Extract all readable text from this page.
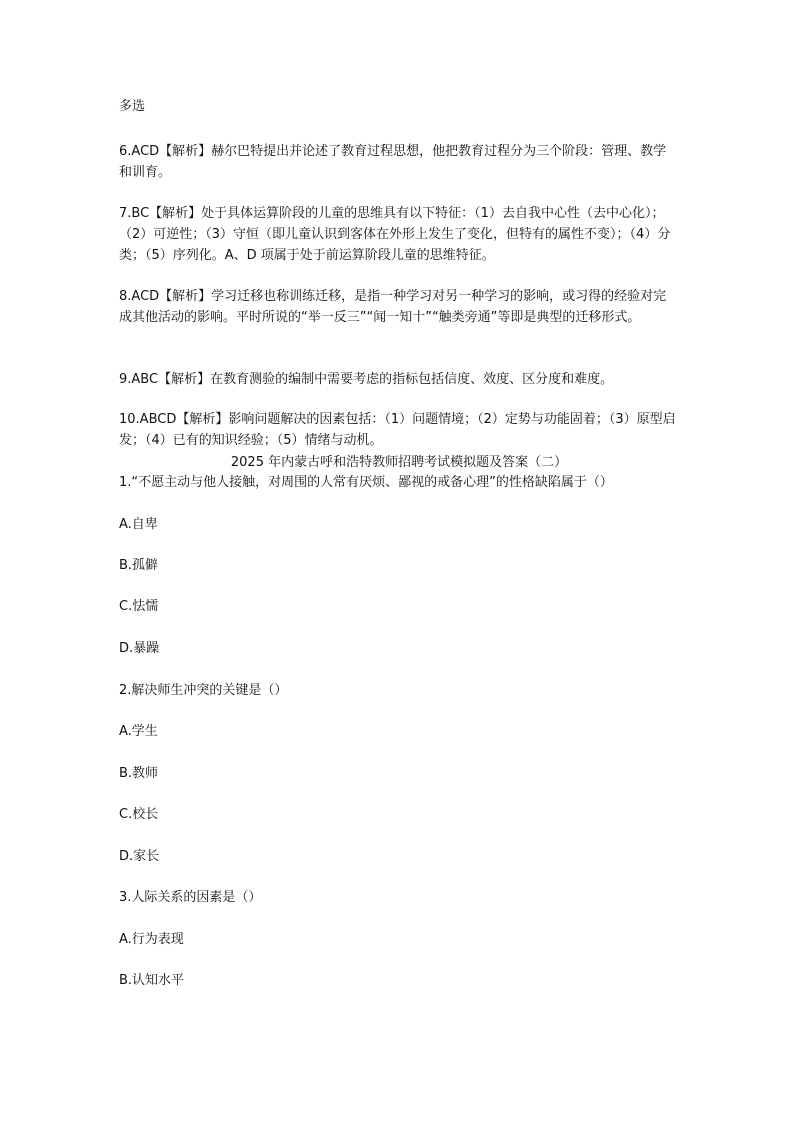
多选

6.ACD【解析】赫尔巴特提出并论述了教育过程思想，他把教育过程分为三个阶段：管理、教学和训育。

7.BC【解析】处于具体运算阶段的儿童的思维具有以下特征：（1）去自我中心性（去中心化）；（2）可逆性；（3）守恒（即儿童认识到客体在外形上发生了变化，但特有的属性不变）；（4）分类；（5）序列化。A、D 项属于处于前运算阶段儿童的思维特征。

8.ACD【解析】学习迁移也称训练迁移，是指一种学习对另一种学习的影响，或习得的经验对完成其他活动的影响。平时所说的“举一反三”“闻一知十”“触类旁通”等即是典型的迁移形式。

9.ABC【解析】在教育测验的编制中需要考虑的指标包括信度、效度、区分度和难度。

10.ABCD【解析】影响问题解决的因素包括：（1）问题情境；（2）定势与功能固着；（3）原型启发；（4）已有的知识经验；（5）情绪与动机。

2025 年内蒙古呼和浩特教师招聘考试模拟题及答案（二）

1.“不愿主动与他人接触，对周围的人常有厌烦、鄙视的戒备心理”的性格缺陷属于（）

A.自卑

B.孤僻

C.怯懦

D.暴躁

2.解决师生冲突的关键是（）

A.学生

B.教师

C.校长

D.家长

3.人际关系的因素是（）

A.行为表现

B.认知水平
